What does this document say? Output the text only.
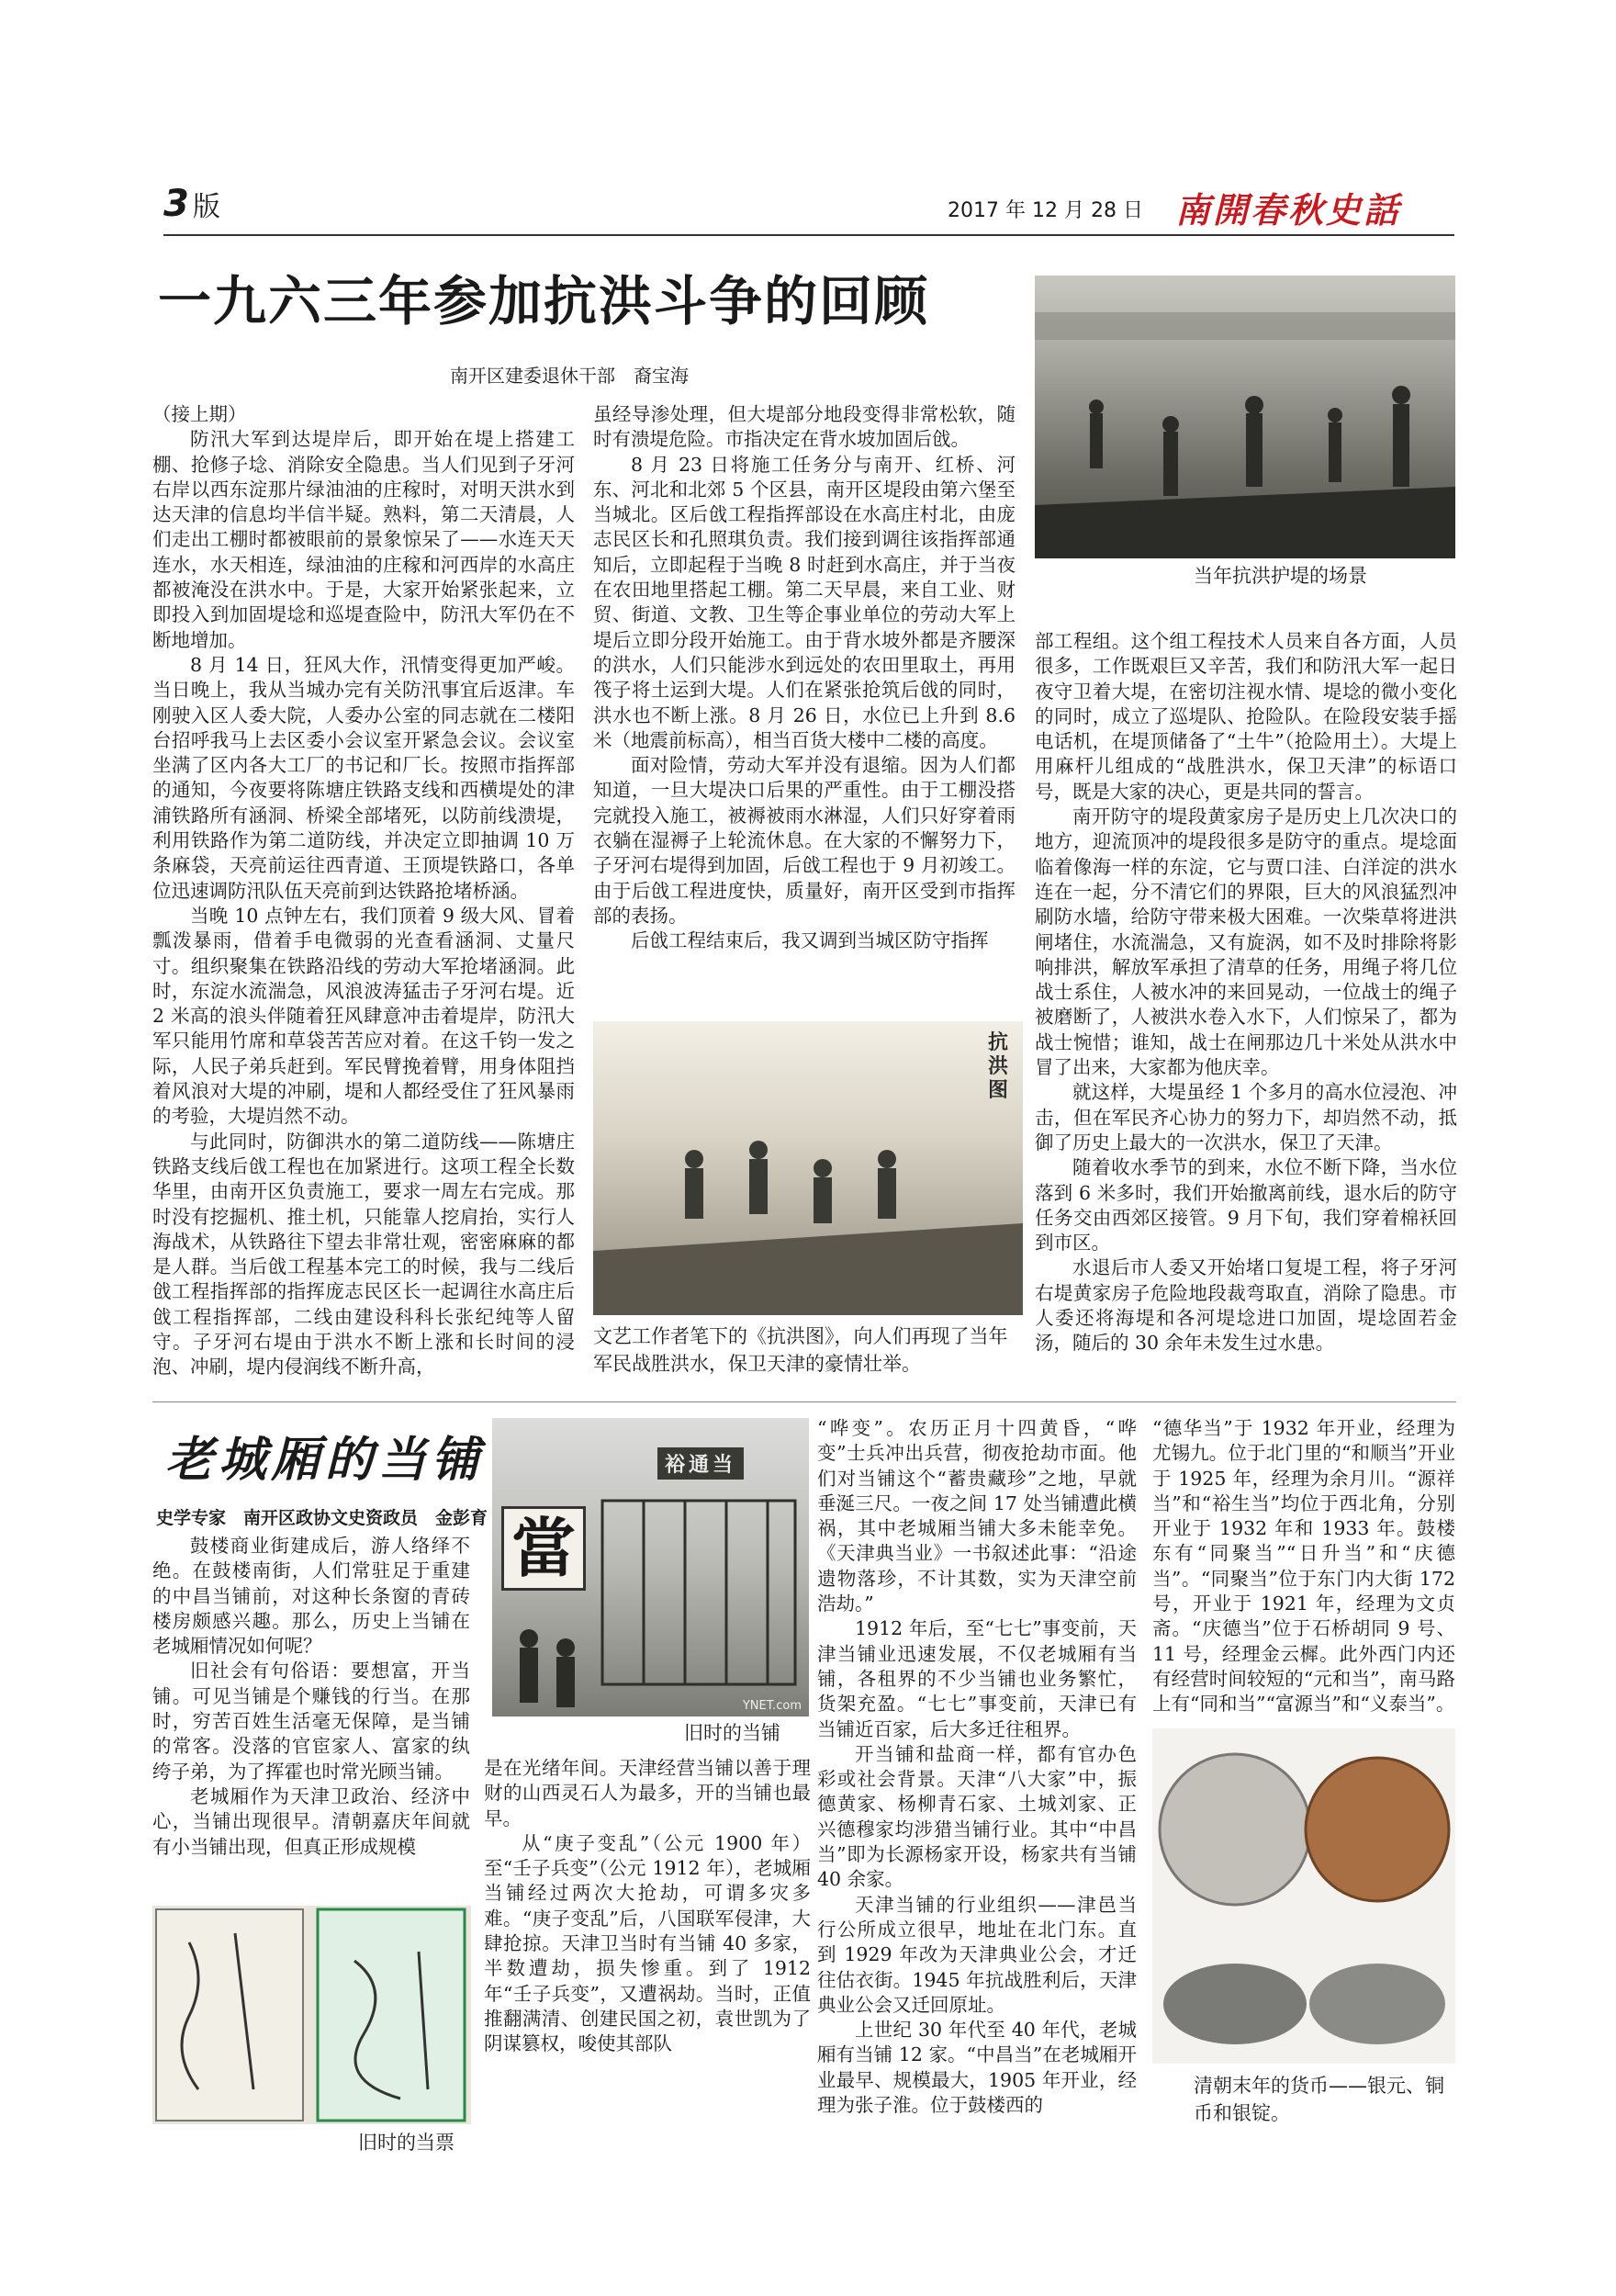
3 版	2017 年 12 月 28 日 南開春秋史話
一九六三年参加抗洪斗争的回顾
南开区建委退休干部　裔宝海
当年抗洪护堤的场景

（接上期）

防汛大军到达堤岸后，即开始在堤上搭建工棚、抢修子埝、消除安全隐患。当人们见到子牙河右岸以西东淀那片绿油油的庄稼时，对明天洪水到达天津的信息均半信半疑。熟料，第二天清晨，人们走出工棚时都被眼前的景象惊呆了——水连天天连水，水天相连，绿油油的庄稼和河西岸的水高庄都被淹没在洪水中。于是，大家开始紧张起来，立即投入到加固堤埝和巡堤查险中，防汛大军仍在不断地增加。

8 月 14 日，狂风大作，汛情变得更加严峻。当日晚上，我从当城办完有关防汛事宜后返津。车刚驶入区人委大院，人委办公室的同志就在二楼阳台招呼我马上去区委小会议室开紧急会议。会议室坐满了区内各大工厂的书记和厂长。按照市指挥部的通知，今夜要将陈塘庄铁路支线和西横堤处的津浦铁路所有涵洞、桥梁全部堵死，以防前线溃堤，利用铁路作为第二道防线，并决定立即抽调 10 万条麻袋，天亮前运往西青道、王顶堤铁路口，各单位迅速调防汛队伍天亮前到达铁路抢堵桥涵。

当晚 10 点钟左右，我们顶着 9 级大风、冒着瓢泼暴雨，借着手电微弱的光查看涵洞、丈量尺寸。组织聚集在铁路沿线的劳动大军抢堵涵洞。此时，东淀水流湍急，风浪波涛猛击子牙河右堤。近 2 米高的浪头伴随着狂风肆意冲击着堤岸，防汛大军只能用竹席和草袋苦苦应对着。在这千钧一发之际，人民子弟兵赶到。军民臂挽着臂，用身体阻挡着风浪对大堤的冲刷，堤和人都经受住了狂风暴雨的考验，大堤岿然不动。

与此同时，防御洪水的第二道防线——陈塘庄铁路支线后戗工程也在加紧进行。这项工程全长数华里，由南开区负责施工，要求一周左右完成。那时没有挖掘机、推土机，只能靠人挖肩抬，实行人海战术，从铁路往下望去非常壮观，密密麻麻的都是人群。当后戗工程基本完工的时候，我与二线后戗工程指挥部的指挥庞志民区长一起调往水高庄后戗工程指挥部，二线由建设科科长张纪纯等人留守。子牙河右堤由于洪水不断上涨和长时间的浸泡、冲刷，堤内侵润线不断升高，

虽经导渗处理，但大堤部分地段变得非常松软，随时有溃堤危险。市指决定在背水坡加固后戗。

8 月 23 日将施工任务分与南开、红桥、河东、河北和北郊 5 个区县，南开区堤段由第六堡至当城北。区后戗工程指挥部设在水高庄村北，由庞志民区长和孔照琪负责。我们接到调往该指挥部通知后，立即起程于当晚 8 时赶到水高庄，并于当夜在农田地里搭起工棚。第二天早晨，来自工业、财贸、街道、文教、卫生等企事业单位的劳动大军上堤后立即分段开始施工。由于背水坡外都是齐腰深的洪水，人们只能涉水到远处的农田里取土，再用筏子将土运到大堤。人们在紧张抢筑后戗的同时，洪水也不断上涨。8 月 26 日，水位已上升到 8.6 米（地震前标高），相当百货大楼中二楼的高度。

面对险情，劳动大军并没有退缩。因为人们都知道，一旦大堤决口后果的严重性。由于工棚没搭完就投入施工，被褥被雨水淋湿，人们只好穿着雨衣躺在湿褥子上轮流休息。在大家的不懈努力下，子牙河右堤得到加固，后戗工程也于 9 月初竣工。由于后戗工程进度快，质量好，南开区受到市指挥部的表扬。

后戗工程结束后，我又调到当城区防守指挥

抗洪图
文艺工作者笔下的《抗洪图》，向人们再现了当年军民战胜洪水，保卫天津的豪情壮举。

部工程组。这个组工程技术人员来自各方面，人员很多，工作既艰巨又辛苦，我们和防汛大军一起日夜守卫着大堤，在密切注视水情、堤埝的微小变化的同时，成立了巡堤队、抢险队。在险段安装手摇电话机，在堤顶储备了“土牛”（抢险用土）。大堤上用麻杆儿组成的“战胜洪水，保卫天津”的标语口号，既是大家的决心，更是共同的誓言。

南开防守的堤段黄家房子是历史上几次决口的地方，迎流顶冲的堤段很多是防守的重点。堤埝面临着像海一样的东淀，它与贾口洼、白洋淀的洪水连在一起，分不清它们的界限，巨大的风浪猛烈冲刷防水墙，给防守带来极大困难。一次柴草将进洪闸堵住，水流湍急，又有旋涡，如不及时排除将影响排洪，解放军承担了清草的任务，用绳子将几位战士系住，人被水冲的来回晃动，一位战士的绳子被磨断了，人被洪水卷入水下，人们惊呆了，都为战士惋惜；谁知，战士在闸那边几十米处从洪水中冒了出来，大家都为他庆幸。

就这样，大堤虽经 1 个多月的高水位浸泡、冲击，但在军民齐心协力的努力下，却岿然不动，抵御了历史上最大的一次洪水，保卫了天津。

随着收水季节的到来，水位不断下降，当水位落到 6 米多时，我们开始撤离前线，退水后的防守任务交由西郊区接管。9 月下旬，我们穿着棉袄回到市区。

水退后市人委又开始堵口复堤工程，将子牙河右堤黄家房子危险地段裁弯取直，消除了隐患。市人委还将海堤和各河堤埝进口加固，堤埝固若金汤，随后的 30 余年未发生过水患。

老城厢的当铺
史学专家　南开区政协文史资政员　金彭育

鼓楼商业街建成后，游人络绎不绝。在鼓楼南街，人们常驻足于重建的中昌当铺前，对这种长条窗的青砖楼房颇感兴趣。那么，历史上当铺在老城厢情况如何呢？

旧社会有句俗语：要想富，开当铺。可见当铺是个赚钱的行当。在那时，穷苦百姓生活毫无保障，是当铺的常客。没落的官宦家人、富家的纨绔子弟，为了挥霍也时常光顾当铺。

老城厢作为天津卫政治、经济中心，当铺出现很早。清朝嘉庆年间就有小当铺出现，但真正形成规模

裕通当
當
YNET.com
旧时的当铺

是在光绪年间。天津经营当铺以善于理财的山西灵石人为最多，开的当铺也最早。

从“庚子变乱”（公元 1900 年）至“壬子兵变”（公元 1912 年），老城厢当铺经过两次大抢劫，可谓多灾多难。“庚子变乱”后，八国联军侵津，大肆抢掠。天津卫当时有当铺 40 多家，半数遭劫，损失惨重。到了 1912 年“壬子兵变”，又遭祸劫。当时，正值推翻满清、创建民国之初，袁世凯为了阴谋篡权，唆使其部队

旧时的当票

“哗变”。农历正月十四黄昏，“哗变”士兵冲出兵营，彻夜抢劫市面。他们对当铺这个“蓄贵藏珍”之地，早就垂涎三尺。一夜之间 17 处当铺遭此横祸，其中老城厢当铺大多未能幸免。《天津典当业》一书叙述此事：“沿途遗物落珍，不计其数，实为天津空前浩劫。”

1912 年后，至“七七”事变前，天津当铺业迅速发展，不仅老城厢有当铺，各租界的不少当铺也业务繁忙，货架充盈。“七七”事变前，天津已有当铺近百家，后大多迁往租界。

开当铺和盐商一样，都有官办色彩或社会背景。天津“八大家”中，振德黄家、杨柳青石家、土城刘家、正兴德穆家均涉猎当铺行业。其中“中昌当”即为长源杨家开设，杨家共有当铺 40 余家。

天津当铺的行业组织——津邑当行公所成立很早，地址在北门东。直到 1929 年改为天津典业公会，才迁往估衣街。1945 年抗战胜利后，天津典业公会又迁回原址。

上世纪 30 年代至 40 年代，老城厢有当铺 12 家。“中昌当”在老城厢开业最早、规模最大，1905 年开业，经理为张子淮。位于鼓楼西的

“德华当”于 1932 年开业，经理为尤锡九。位于北门里的“和顺当”开业于 1925 年，经理为余月川。“源祥当”和“裕生当”均位于西北角，分别开业于 1932 年和 1933 年。鼓楼东有“同聚当”“日升当”和“庆德当”。“同聚当”位于东门内大街 172 号，开业于 1921 年，经理为文贞斋。“庆德当”位于石桥胡同 9 号、11 号，经理金云樨。此外西门内还有经营时间较短的“元和当”，南马路上有“同和当”“富源当”和“义泰当”。

清朝末年的货币——银元、铜币和银锭。
